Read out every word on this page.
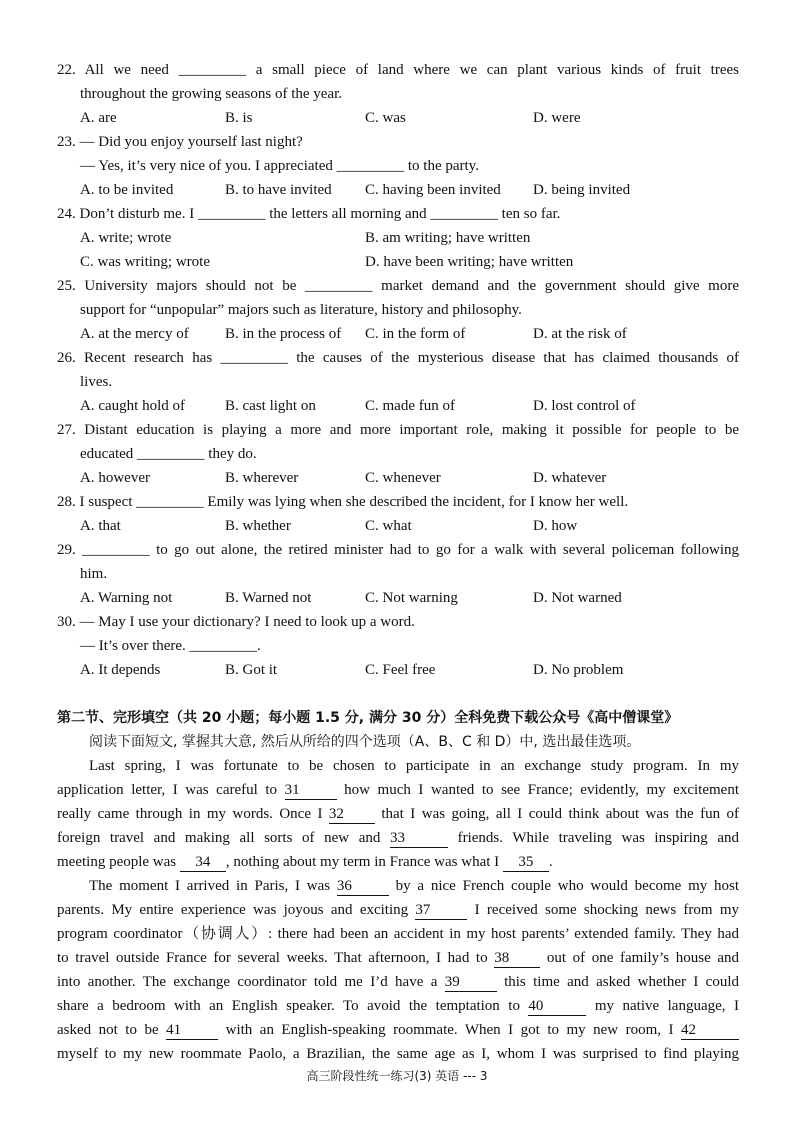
22. All we need _________ a small piece of land where we can plant various kinds of fruit trees
throughout the growing seasons of the year.
A. are	B. is	C. was	D. were
23. — Did you enjoy yourself last night?
— Yes, it’s very nice of you. I appreciated _________ to the party.
A. to be invited	B. to have invited C. having been invited D. being invited
24. Don’t disturb me. I _________ the letters all morning and _________ ten so far.
A. write; wrote	B. am writing; have written
C. was writing; wrote	D. have been writing; have written
25. University majors should not be _________ market demand and the government should give more
support for “unpopular” majors such as literature, history and philosophy.
A. at the mercy of B. in the process of C. in the form of	D. at the risk of
26. Recent research has _________ the causes of the mysterious disease that has claimed thousands of
lives.
A. caught hold of	B. cast light on	C. made fun of	D. lost control of
27. Distant education is playing a more and more important role, making it possible for people to be
educated _________ they do.
A. however	B. wherever	C. whenever	D. whatever
28. I suspect _________ Emily was lying when she described the incident, for I know her well.
A. that	B. whether	C. what	D. how
29. _________ to go out alone, the retired minister had to go for a walk with several policeman following
him.
A. Warning not	B. Warned not	C. Not warning	D. Not warned
30. — May I use your dictionary? I need to look up a word.
— It’s over there. _________.
A. It depends	B. Got it	C. Feel free	D. No problem
第二节、完形填空（共 20 小题；每小题 1.5 分, 满分 30 分）全科免费下载公众号《高中僧课堂》
阅读下面短文, 掌握其大意, 然后从所给的四个选项（A、B、C 和 D）中, 选出最佳选项。
Last spring, I was fortunate to be chosen to participate in an exchange study program. In my
application letter, I was careful to 31	how much I wanted to see France; evidently, my excitement
really came through in my words. Once I 32 that I was going, all I could think about was the fun of
foreign travel and making all sorts of new and 33	friends. While traveling was inspiring and
meeting people was 34 , nothing about my term in France was what I 35 .
The moment I arrived in Paris, I was 36	by a nice French couple who would become my host
parents. My entire experience was joyous and exciting 37	I received some shocking news from my
program coordinator（协调人）: there had been an accident in my host parents’ extended family. They had
to travel outside France for several weeks. That afternoon, I had to 38	out of one family’s house and
into another. The exchange coordinator told me I’d have a 39	this time and asked whether I could
share a bedroom with an English speaker. To avoid the temptation to 40	my native language, I
asked not to be 41	with an English-speaking roommate. When I got to my new room, I 42
myself to my new roommate Paolo, a Brazilian, the same age as I, whom I was surprised to find playing
高三阶段性统一练习(3) 英语 --- 3
